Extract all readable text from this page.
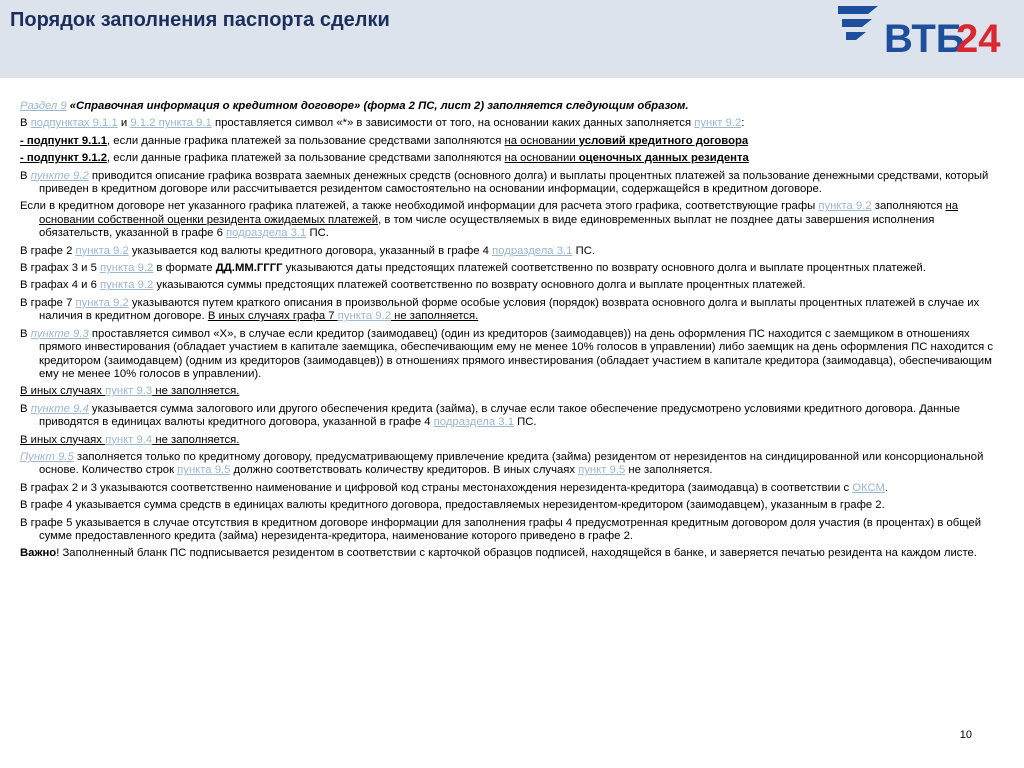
Порядок заполнения паспорта сделки	ВТБ
24

Раздел 9 «Справочная информация о кредитном договоре» (форма 2 ПС, лист 2) заполняется следующим образом.

В подпунктах 9.1.1 и 9.1.2 пункта 9.1 проставляется символ «*» в зависимости от того, на основании каких данных заполняется пункт 9.2:

- подпункт 9.1.1, если данные графика платежей за пользование средствами заполняются на основании условий кредитного договора

- подпункт 9.1.2, если данные графика платежей за пользование средствами заполняются на основании оценочных данных резидента

В пункте 9.2 приводится описание графика возврата заемных денежных средств (основного долга) и выплаты процентных платежей за пользование денежными средствами, который приведен в кредитном договоре или рассчитывается резидентом самостоятельно на основании информации, содержащейся в кредитном договоре.

Если в кредитном договоре нет указанного графика платежей, а также необходимой информации для расчета этого графика, соответствующие графы пункта 9.2 заполняются на основании собственной оценки резидента ожидаемых платежей, в том числе осуществляемых в виде единовременных выплат не позднее даты завершения исполнения обязательств, указанной в графе 6 подраздела 3.1 ПС.

В графе 2 пункта 9.2 указывается код валюты кредитного договора, указанный в графе 4 подраздела 3.1 ПС.

В графах 3 и 5 пункта 9.2 в формате ДД.ММ.ГГГГ указываются даты предстоящих платежей соответственно по возврату основного долга и выплате процентных платежей.

В графах 4 и 6 пункта 9.2 указываются суммы предстоящих платежей соответственно по возврату основного долга и выплате процентных платежей.

В графе 7 пункта 9.2 указываются путем краткого описания в произвольной форме особые условия (порядок) возврата основного долга и выплаты процентных платежей в случае их наличия в кредитном договоре. В иных случаях графа 7 пункта 9.2 не заполняется.

В пункте 9.3 проставляется символ «Х», в случае если кредитор (заимодавец) (один из кредиторов (заимодавцев)) на день оформления ПС находится с заемщиком в отношениях прямого инвестирования (обладает участием в капитале заемщика, обеспечивающим ему не менее 10% голосов в управлении) либо заемщик на день оформления ПС находится с кредитором (заимодавцем) (одним из кредиторов (заимодавцев)) в отношениях прямого инвестирования (обладает участием в капитале кредитора (заимодавца), обеспечивающим ему не менее 10% голосов в управлении).

В иных случаях пункт 9.3 не заполняется.

В пункте 9.4 указывается сумма залогового или другого обеспечения кредита (займа), в случае если такое обеспечение предусмотрено условиями кредитного договора. Данные приводятся в единицах валюты кредитного договора, указанной в графе 4 подраздела 3.1 ПС.

В иных случаях пункт 9.4 не заполняется.

Пункт 9.5 заполняется только по кредитному договору, предусматривающему привлечение кредита (займа) резидентом от нерезидентов на синдицированной или консорциональной основе. Количество строк пункта 9.5 должно соответствовать количеству кредиторов. В иных случаях пункт 9.5 не заполняется.

В графах 2 и 3 указываются соответственно наименование и цифровой код страны местонахождения нерезидента-кредитора (заимодавца) в соответствии с ОКСМ.

В графе 4 указывается сумма средств в единицах валюты кредитного договора, предоставляемых нерезидентом-кредитором (заимодавцем), указанным в графе 2.

В графе 5 указывается в случае отсутствия в кредитном договоре информации для заполнения графы 4 предусмотренная кредитным договором доля участия (в процентах) в общей сумме предоставленного кредита (займа) нерезидента-кредитора, наименование которого приведено в графе 2.

Важно! Заполненный бланк ПС подписывается резидентом в соответствии с карточкой образцов подписей, находящейся в банке, и заверяется печатью резидента на каждом листе.

10
